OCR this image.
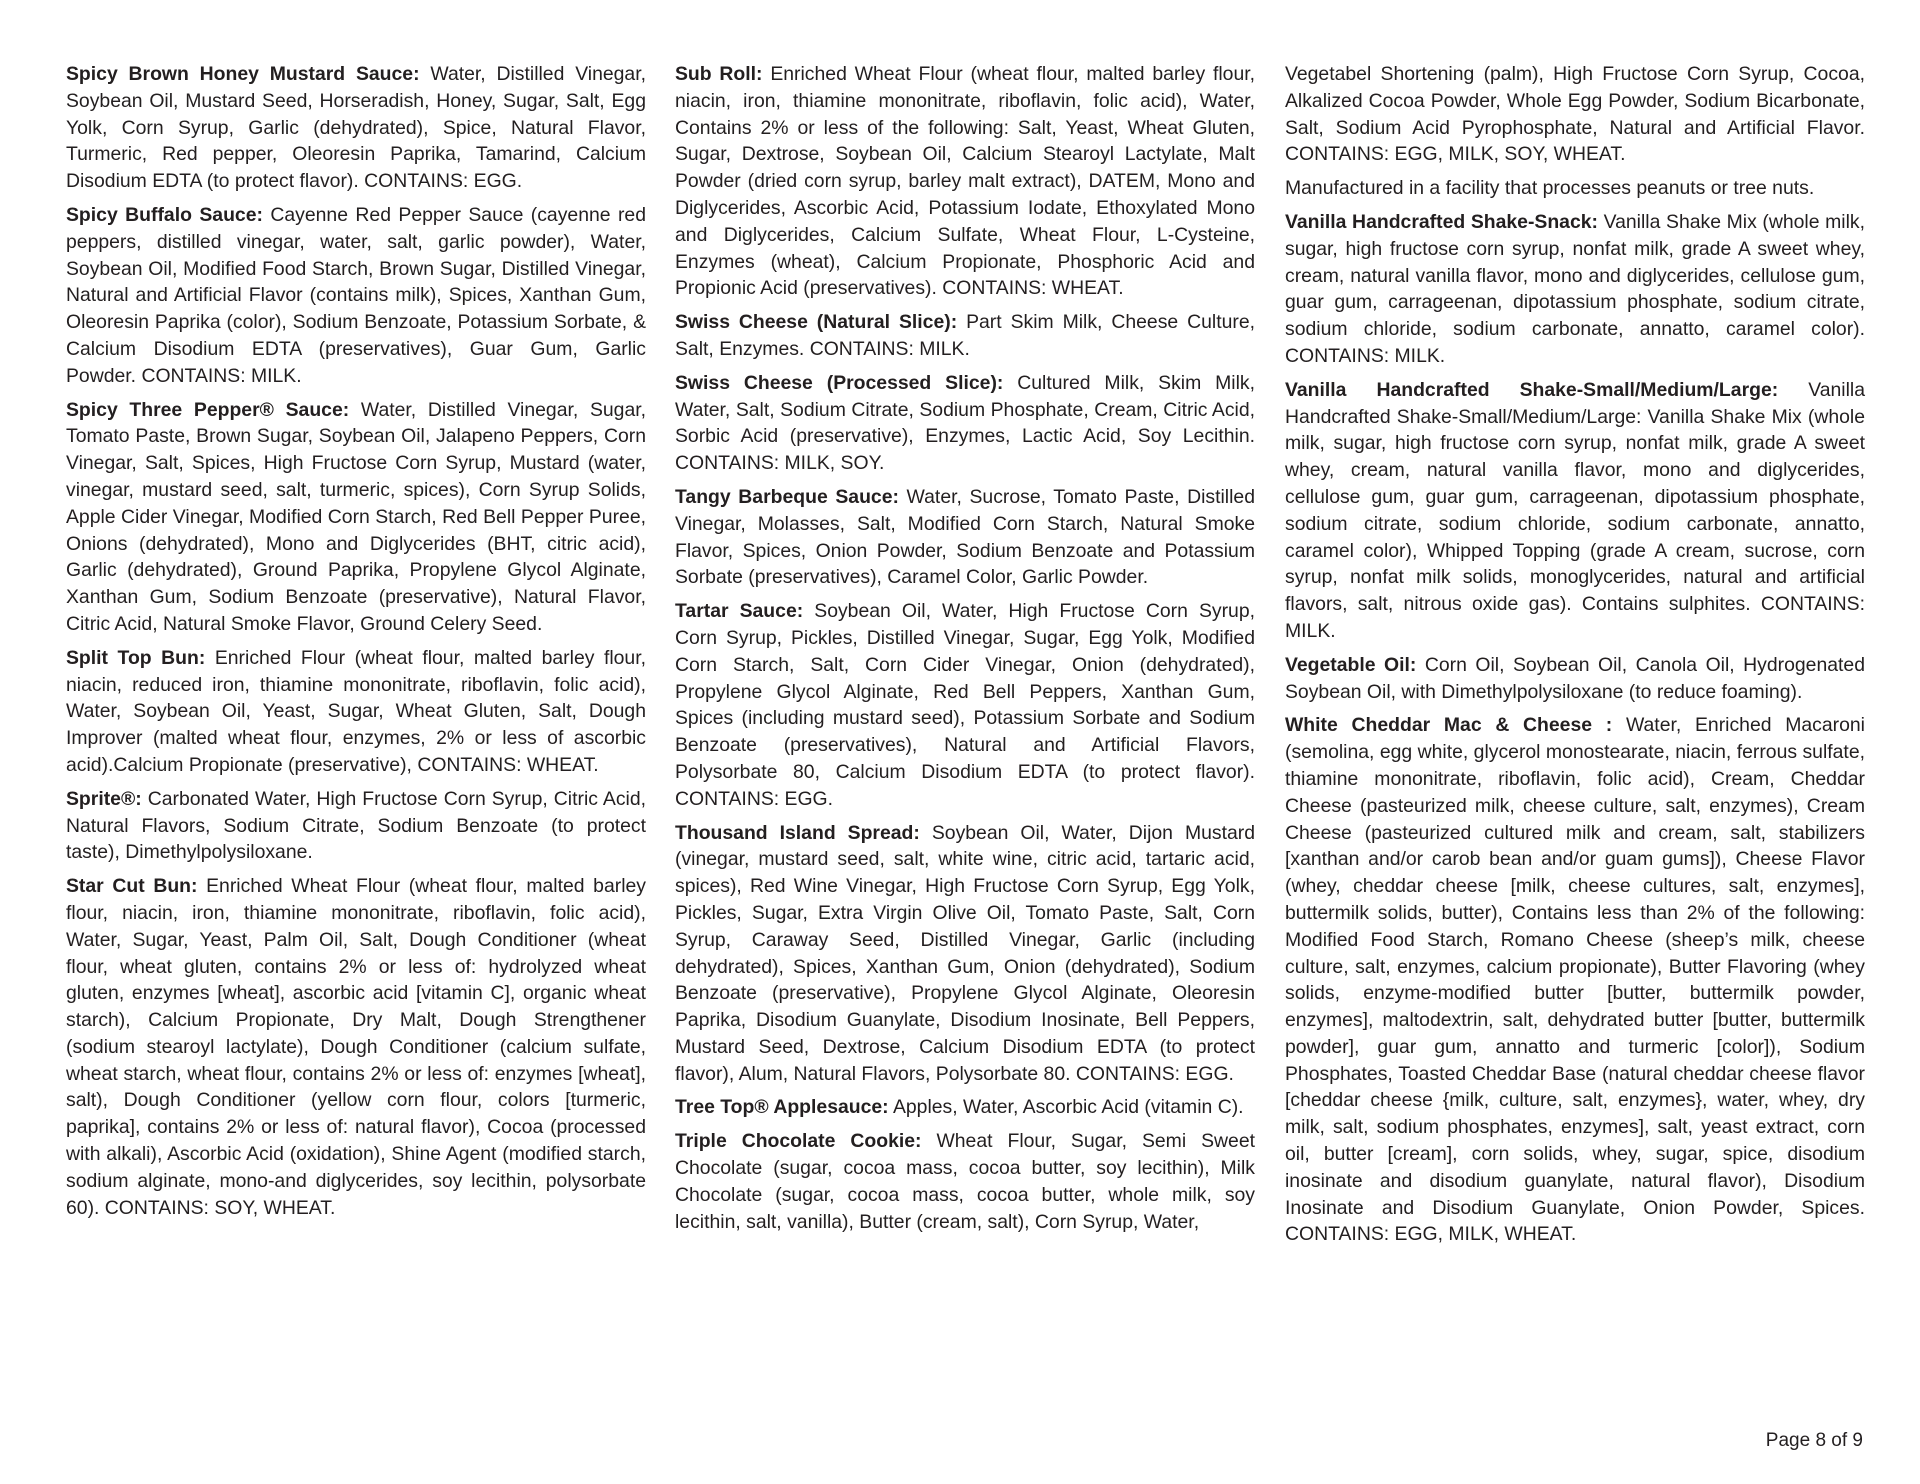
Spicy Brown Honey Mustard Sauce: Water, Distilled Vinegar, Soybean Oil, Mustard Seed, Horseradish, Honey, Sugar, Salt, Egg Yolk, Corn Syrup, Garlic (dehydrated), Spice, Natural Flavor, Turmeric, Red pepper, Oleoresin Paprika, Tamarind, Calcium Disodium EDTA (to protect flavor). CONTAINS: EGG.

Spicy Buffalo Sauce: Cayenne Red Pepper Sauce (cayenne red peppers, distilled vinegar, water, salt, garlic powder), Water, Soybean Oil, Modified Food Starch, Brown Sugar, Distilled Vinegar, Natural and Artificial Flavor (contains milk), Spices, Xanthan Gum, Oleoresin Paprika (color), Sodium Benzoate, Potassium Sorbate, & Calcium Disodium EDTA (preservatives), Guar Gum, Garlic Powder. CONTAINS: MILK.

Spicy Three Pepper® Sauce: Water, Distilled Vinegar, Sugar, Tomato Paste, Brown Sugar, Soybean Oil, Jalapeno Peppers, Corn Vinegar, Salt, Spices, High Fructose Corn Syrup, Mustard (water, vinegar, mustard seed, salt, turmeric, spices), Corn Syrup Solids, Apple Cider Vinegar, Modified Corn Starch, Red Bell Pepper Puree, Onions (dehydrated), Mono and Diglycerides (BHT, citric acid), Garlic (dehydrated), Ground Paprika, Propylene Glycol Alginate, Xanthan Gum, Sodium Benzoate (preservative), Natural Flavor, Citric Acid, Natural Smoke Flavor, Ground Celery Seed.

Split Top Bun: Enriched Flour (wheat flour, malted barley flour, niacin, reduced iron, thiamine mononitrate, riboflavin, folic acid), Water, Soybean Oil, Yeast, Sugar, Wheat Gluten, Salt, Dough Improver (malted wheat flour, enzymes, 2% or less of ascorbic acid).Calcium Propionate (preservative), CONTAINS: WHEAT.

Sprite®: Carbonated Water, High Fructose Corn Syrup, Citric Acid, Natural Flavors, Sodium Citrate, Sodium Benzoate (to protect taste), Dimethylpolysiloxane.

Star Cut Bun: Enriched Wheat Flour (wheat flour, malted barley flour, niacin, iron, thiamine mononitrate, riboflavin, folic acid), Water, Sugar, Yeast, Palm Oil, Salt, Dough Conditioner (wheat flour, wheat gluten, contains 2% or less of: hydrolyzed wheat gluten, enzymes [wheat], ascorbic acid [vitamin C], organic wheat starch), Calcium Propionate, Dry Malt, Dough Strengthener (sodium stearoyl lactylate), Dough Conditioner (calcium sulfate, wheat starch, wheat flour, contains 2% or less of: enzymes [wheat], salt), Dough Conditioner (yellow corn flour, colors [turmeric, paprika], contains 2% or less of: natural flavor), Cocoa (processed with alkali), Ascorbic Acid (oxidation), Shine Agent (modified starch, sodium alginate, mono-and diglycerides, soy lecithin, polysorbate 60). CONTAINS: SOY, WHEAT.

Sub Roll: Enriched Wheat Flour (wheat flour, malted barley flour, niacin, iron, thiamine mononitrate, riboflavin, folic acid), Water, Contains 2% or less of the following: Salt, Yeast, Wheat Gluten, Sugar, Dextrose, Soybean Oil, Calcium Stearoyl Lactylate, Malt Powder (dried corn syrup, barley malt extract), DATEM, Mono and Diglycerides, Ascorbic Acid, Potassium Iodate, Ethoxylated Mono and Diglycerides, Calcium Sulfate, Wheat Flour, L-Cysteine, Enzymes (wheat), Calcium Propionate, Phosphoric Acid and Propionic Acid (preservatives). CONTAINS: WHEAT.

Swiss Cheese (Natural Slice): Part Skim Milk, Cheese Culture, Salt, Enzymes. CONTAINS: MILK.

Swiss Cheese (Processed Slice): Cultured Milk, Skim Milk, Water, Salt, Sodium Citrate, Sodium Phosphate, Cream, Citric Acid, Sorbic Acid (preservative), Enzymes, Lactic Acid, Soy Lecithin. CONTAINS: MILK, SOY.

Tangy Barbeque Sauce: Water, Sucrose, Tomato Paste, Distilled Vinegar, Molasses, Salt, Modified Corn Starch, Natural Smoke Flavor, Spices, Onion Powder, Sodium Benzoate and Potassium Sorbate (preservatives), Caramel Color, Garlic Powder.

Tartar Sauce: Soybean Oil, Water, High Fructose Corn Syrup, Corn Syrup, Pickles, Distilled Vinegar, Sugar, Egg Yolk, Modified Corn Starch, Salt, Corn Cider Vinegar, Onion (dehydrated), Propylene Glycol Alginate, Red Bell Peppers, Xanthan Gum, Spices (including mustard seed), Potassium Sorbate and Sodium Benzoate (preservatives), Natural and Artificial Flavors, Polysorbate 80, Calcium Disodium EDTA (to protect flavor). CONTAINS: EGG.

Thousand Island Spread: Soybean Oil, Water, Dijon Mustard (vinegar, mustard seed, salt, white wine, citric acid, tartaric acid, spices), Red Wine Vinegar, High Fructose Corn Syrup, Egg Yolk, Pickles, Sugar, Extra Virgin Olive Oil, Tomato Paste, Salt, Corn Syrup, Caraway Seed, Distilled Vinegar, Garlic (including dehydrated), Spices, Xanthan Gum, Onion (dehydrated), Sodium Benzoate (preservative), Propylene Glycol Alginate, Oleoresin Paprika, Disodium Guanylate, Disodium Inosinate, Bell Peppers, Mustard Seed, Dextrose, Calcium Disodium EDTA (to protect flavor), Alum, Natural Flavors, Polysorbate 80. CONTAINS: EGG.

Tree Top® Applesauce: Apples, Water, Ascorbic Acid (vitamin C).

Triple Chocolate Cookie: Wheat Flour, Sugar, Semi Sweet Chocolate (sugar, cocoa mass, cocoa butter, soy lecithin), Milk Chocolate (sugar, cocoa mass, cocoa butter, whole milk, soy lecithin, salt, vanilla), Butter (cream, salt), Corn Syrup, Water,

Vegetabel Shortening (palm), High Fructose Corn Syrup, Cocoa, Alkalized Cocoa Powder, Whole Egg Powder, Sodium Bicarbonate, Salt, Sodium Acid Pyrophosphate, Natural and Artificial Flavor. CONTAINS: EGG, MILK, SOY, WHEAT.

Manufactured in a facility that processes peanuts or tree nuts.

Vanilla Handcrafted Shake-Snack: Vanilla Shake Mix (whole milk, sugar, high fructose corn syrup, nonfat milk, grade A sweet whey, cream, natural vanilla flavor, mono and diglycerides, cellulose gum, guar gum, carrageenan, dipotassium phosphate, sodium citrate, sodium chloride, sodium carbonate, annatto, caramel color). CONTAINS: MILK.

Vanilla Handcrafted Shake-Small/Medium/Large: Vanilla Handcrafted Shake-Small/Medium/Large: Vanilla Shake Mix (whole milk, sugar, high fructose corn syrup, nonfat milk, grade A sweet whey, cream, natural vanilla flavor, mono and diglycerides, cellulose gum, guar gum, carrageenan, dipotassium phosphate, sodium citrate, sodium chloride, sodium carbonate, annatto, caramel color), Whipped Topping (grade A cream, sucrose, corn syrup, nonfat milk solids, monoglycerides, natural and artificial flavors, salt, nitrous oxide gas). Contains sulphites. CONTAINS: MILK.

Vegetable Oil: Corn Oil, Soybean Oil, Canola Oil, Hydrogenated Soybean Oil, with Dimethylpolysiloxane (to reduce foaming).

White Cheddar Mac & Cheese : Water, Enriched Macaroni (semolina, egg white, glycerol monostearate, niacin, ferrous sulfate, thiamine mononitrate, riboflavin, folic acid), Cream, Cheddar Cheese (pasteurized milk, cheese culture, salt, enzymes), Cream Cheese (pasteurized cultured milk and cream, salt, stabilizers [xanthan and/or carob bean and/or guam gums]), Cheese Flavor (whey, cheddar cheese [milk, cheese cultures, salt, enzymes], buttermilk solids, butter), Contains less than 2% of the following: Modified Food Starch, Romano Cheese (sheep’s milk, cheese culture, salt, enzymes, calcium propionate), Butter Flavoring (whey solids, enzyme-modified butter [butter, buttermilk powder, enzymes], maltodextrin, salt, dehydrated butter [butter, buttermilk powder], guar gum, annatto and turmeric [color]), Sodium Phosphates, Toasted Cheddar Base (natural cheddar cheese flavor [cheddar cheese {milk, culture, salt, enzymes}, water, whey, dry milk, salt, sodium phosphates, enzymes], salt, yeast extract, corn oil, butter [cream], corn solids, whey, sugar, spice, disodium inosinate and disodium guanylate, natural flavor), Disodium Inosinate and Disodium Guanylate, Onion Powder, Spices. CONTAINS: EGG, MILK, WHEAT.

Page 8 of 9
